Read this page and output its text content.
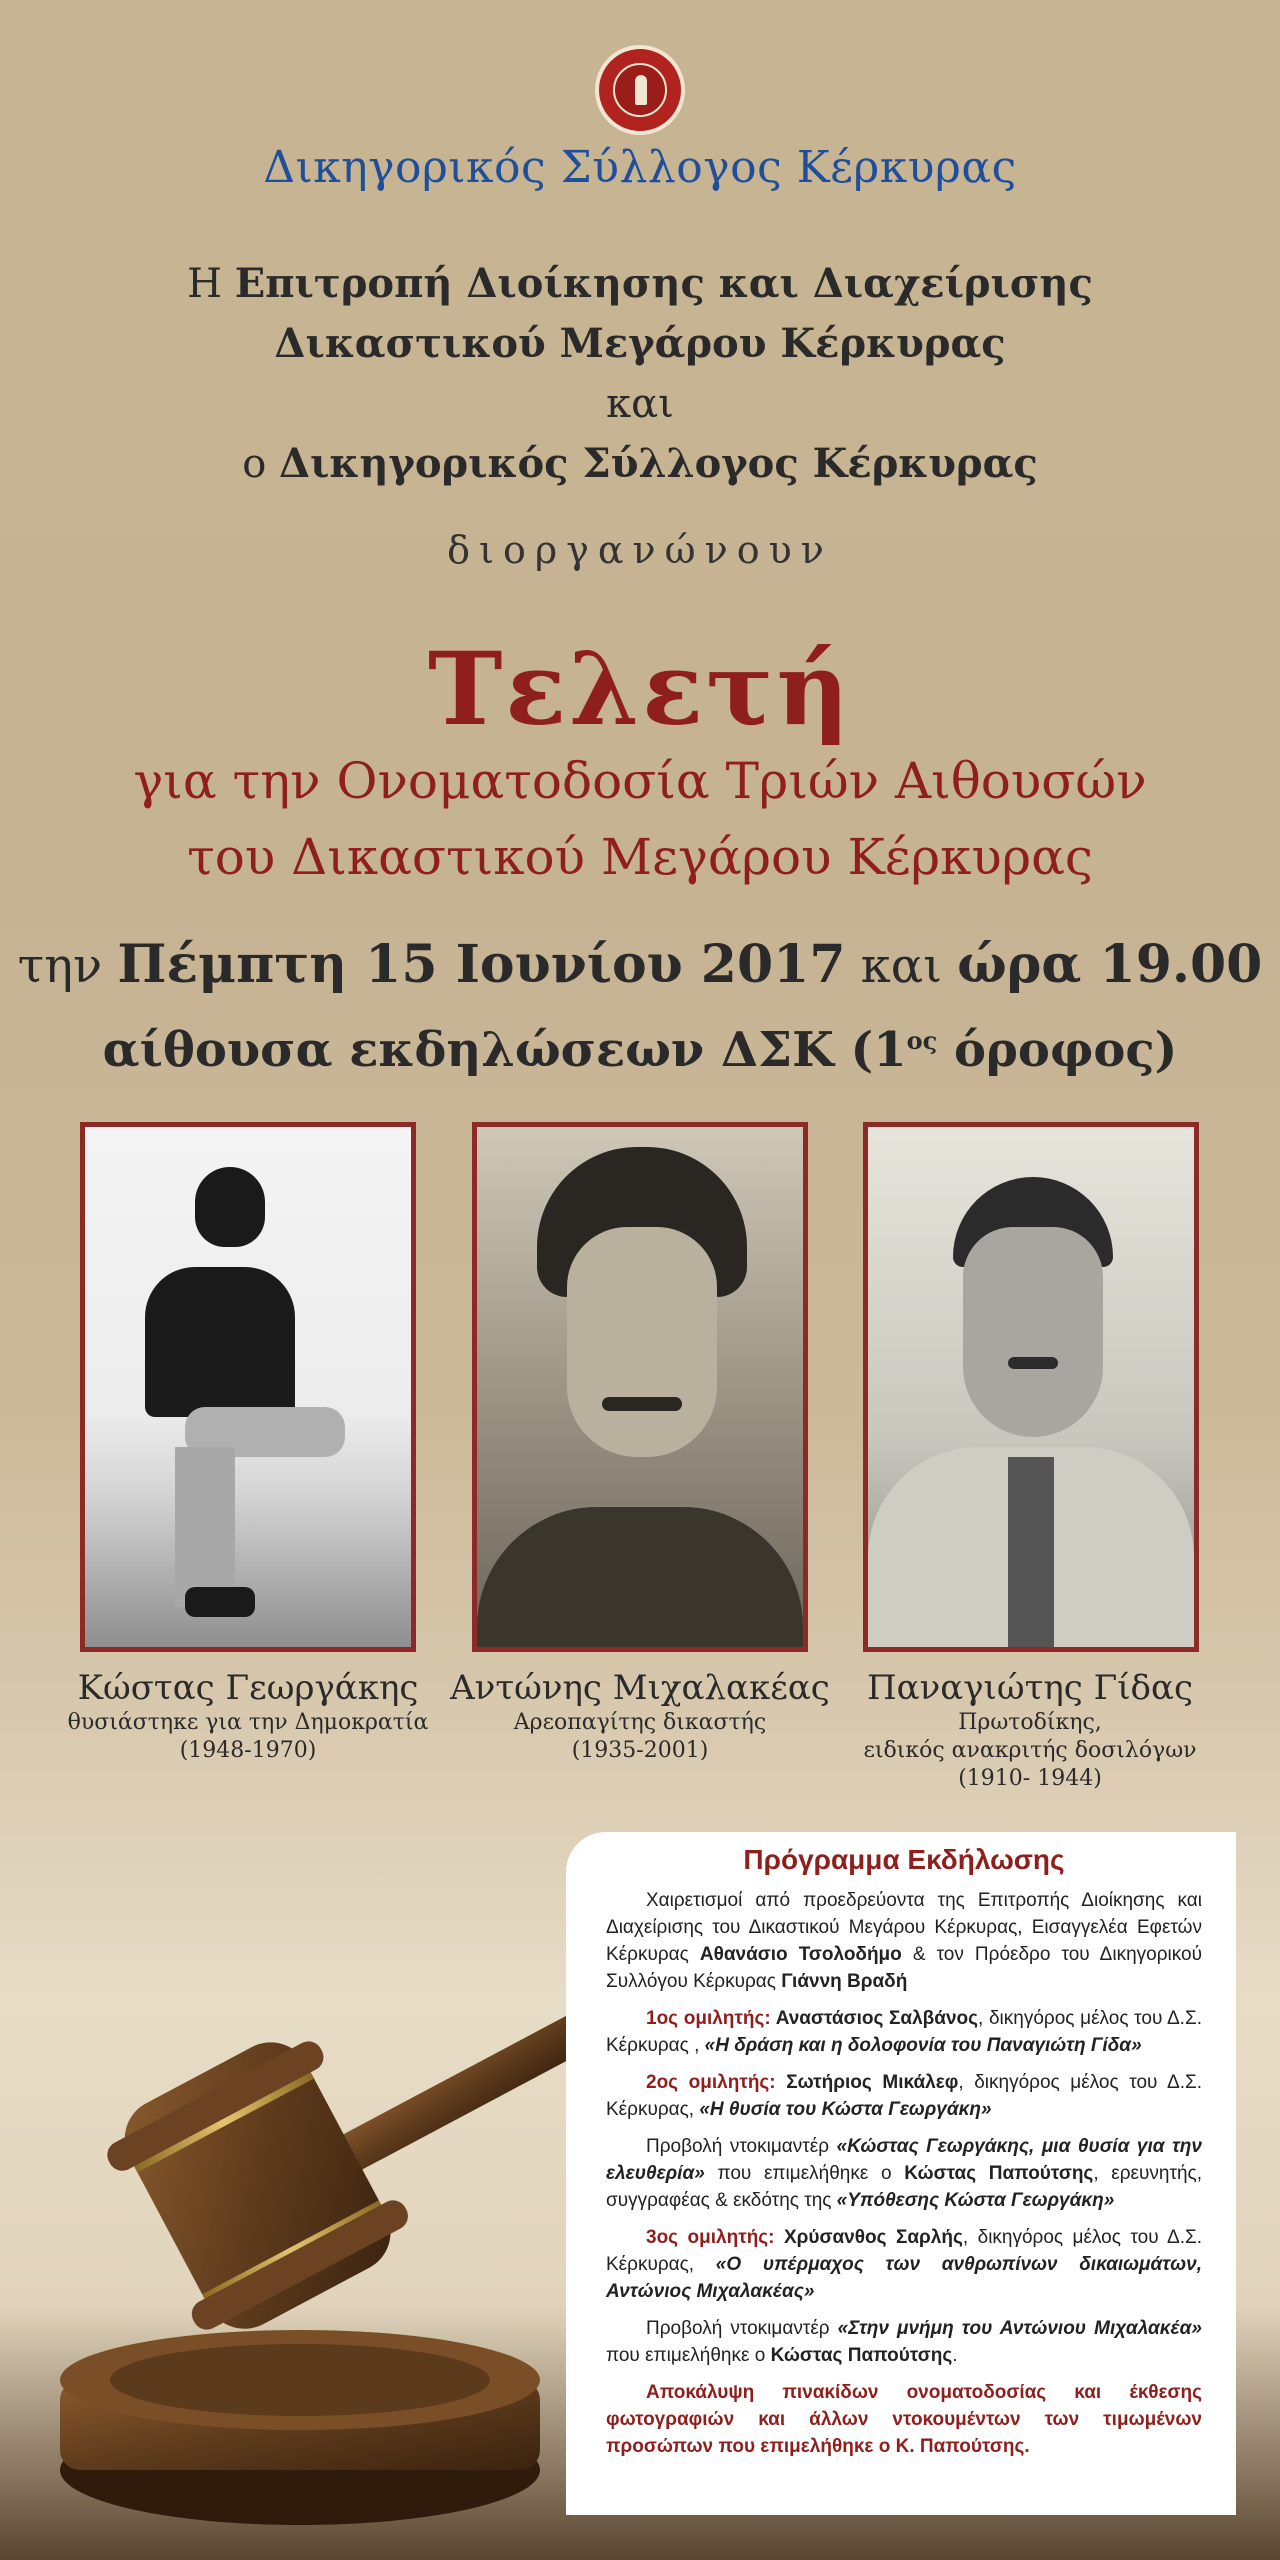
Δικηγορικός Σύλλογος Κέρκυρας
Η Επιτροπή Διοίκησης και Διαχείρισης
Δικαστικού Μεγάρου Κέρκυρας
και
ο Δικηγορικός Σύλλογος Κέρκυρας
διοργανώνουν
Τελετή
για την Ονοματοδοσία Τριών Αιθουσών
του Δικαστικού Μεγάρου Κέρκυρας
την Πέμπτη 15 Ιουνίου 2017 και ώρα 19.00
αίθουσα εκδηλώσεων ΔΣΚ ($1^{o\varsigma}$ όροφος)
Κώστας Γεωργάκης
θυσιάστηκε για την Δημοκρατία
(1948-1970)
Αντώνης Μιχαλακέας
Αρεοπαγίτης δικαστής
(1935-2001)
Παναγιώτης Γίδας
Πρωτοδίκης,
ειδικός ανακριτής δοσιλόγων
(1910- 1944)
Πρόγραμμα Εκδήλωσης

Χαιρετισμοί από προεδρεύοντα της Επιτροπής Διοίκησης και Διαχείρισης του Δικαστικού Μεγάρου Κέρκυρας, Εισαγγελέα Εφετών Κέρκυρας Αθανάσιο Τσολοδήμο & τον Πρόεδρο του Δικηγορικού Συλλόγου Κέρκυρας Γιάννη Βραδή

1ος ομιλητής: Αναστάσιος Σαλβάνος, δικηγόρος μέλος του Δ.Σ. Κέρκυρας , «Η δράση και η δολοφονία του Παναγιώτη Γίδα»

2ος ομιλητής: Σωτήριος Μικάλεφ, δικηγόρος μέλος του Δ.Σ. Κέρκυρας, «Η θυσία του Κώστα Γεωργάκη»

Προβολή ντοκιμαντέρ «Κώστας Γεωργάκης, μια θυσία για την ελευθερία» που επιμελήθηκε ο Κώστας Παπούτσης, ερευνητής, συγγραφέας & εκδότης της «Υπόθεσης Κώστα Γεωργάκη»

3ος ομιλητής: Χρύσανθος Σαρλής, δικηγόρος μέλος του Δ.Σ. Κέρκυρας, «Ο υπέρμαχος των ανθρωπίνων δικαιωμάτων, Αντώνιος Μιχαλακέας»

Προβολή ντοκιμαντέρ «Στην μνήμη του Αντώνιου Μιχαλακέα» που επιμελήθηκε ο Κώστας Παπούτσης.

Αποκάλυψη πινακίδων ονοματοδοσίας και έκθεσης φωτογραφιών και άλλων ντοκουμέντων των τιμωμένων προσώπων που επιμελήθηκε ο Κ. Παπούτσης.
